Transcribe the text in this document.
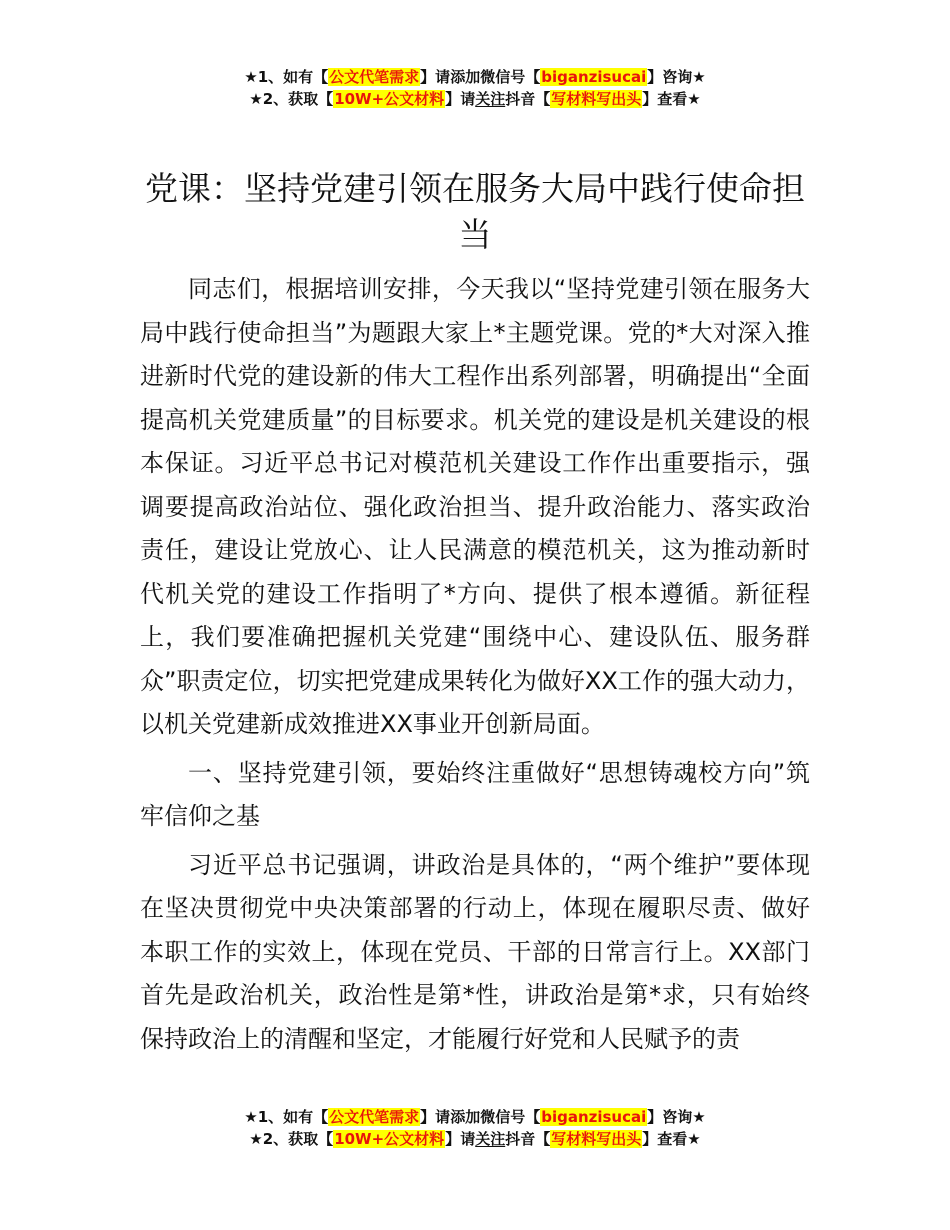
★1、如有【公文代笔需求】请添加微信号【biganzisucai】咨询★
★2、获取【10W+公文材料】请关注抖音【写材料写出头】查看★
党课：坚持党建引领在服务大局中践行使命担当

同志们，根据培训安排，今天我以“坚持党建引领在服务大局中践行使命担当”为题跟大家上*主题党课。党的*大对深入推进新时代党的建设新的伟大工程作出系列部署，明确提出“全面提高机关党建质量”的目标要求。机关党的建设是机关建设的根本保证。习近平总书记对模范机关建设工作作出重要指示，强调要提高政治站位、强化政治担当、提升政治能力、落实政治责任，建设让党放心、让人民满意的模范机关，这为推动新时代机关党的建设工作指明了*方向、提供了根本遵循。新征程上，我们要准确把握机关党建“围绕中心、建设队伍、服务群众”职责定位，切实把党建成果转化为做好XX工作的强大动力，以机关党建新成效推进XX事业开创新局面。

一、坚持党建引领，要始终注重做好“思想铸魂校方向”筑牢信仰之基

习近平总书记强调，讲政治是具体的，“两个维护”要体现在坚决贯彻党中央决策部署的行动上，体现在履职尽责、做好本职工作的实效上，体现在党员、干部的日常言行上。XX部门首先是政治机关，政治性是第*性，讲政治是第*求，只有始终保持政治上的清醒和坚定，才能履行好党和人民赋予的责

★1、如有【公文代笔需求】请添加微信号【biganzisucai】咨询★
★2、获取【10W+公文材料】请关注抖音【写材料写出头】查看★
